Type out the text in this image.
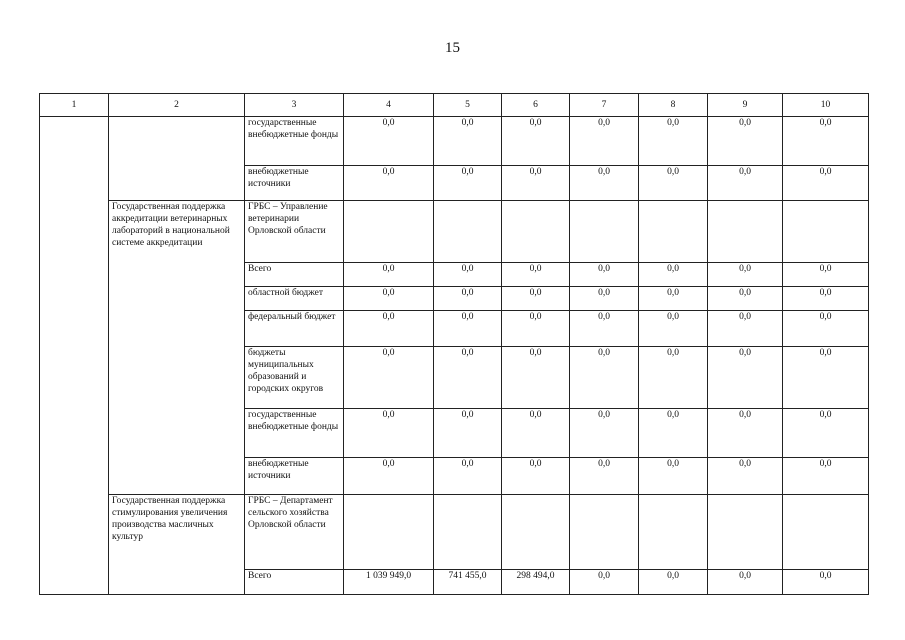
15
1	2	3	4	5	6	7	8	9	10
		государственные внебюджетные фонды	0,0	0,0	0,0	0,0	0,0	0,0	0,0
		внебюджетные источники	0,0	0,0	0,0	0,0	0,0	0,0	0,0
	Государственная поддержка аккредитации ветеринарных лабораторий в национальной системе аккредитации	ГРБС – Управление ветеринарии Орловской области							
		Всего	0,0	0,0	0,0	0,0	0,0	0,0	0,0
		областной бюджет	0,0	0,0	0,0	0,0	0,0	0,0	0,0
		федеральный бюджет	0,0	0,0	0,0	0,0	0,0	0,0	0,0
		бюджеты муниципальных образований и городских округов	0,0	0,0	0,0	0,0	0,0	0,0	0,0
		государственные внебюджетные фонды	0,0	0,0	0,0	0,0	0,0	0,0	0,0
		внебюджетные источники	0,0	0,0	0,0	0,0	0,0	0,0	0,0
	Государственная поддержка стимулирования увеличения производства масличных культур	ГРБС – Департамент сельского хозяйства Орловской области							
		Всего	1 039 949,0	741 455,0	298 494,0	0,0	0,0	0,0	0,0
